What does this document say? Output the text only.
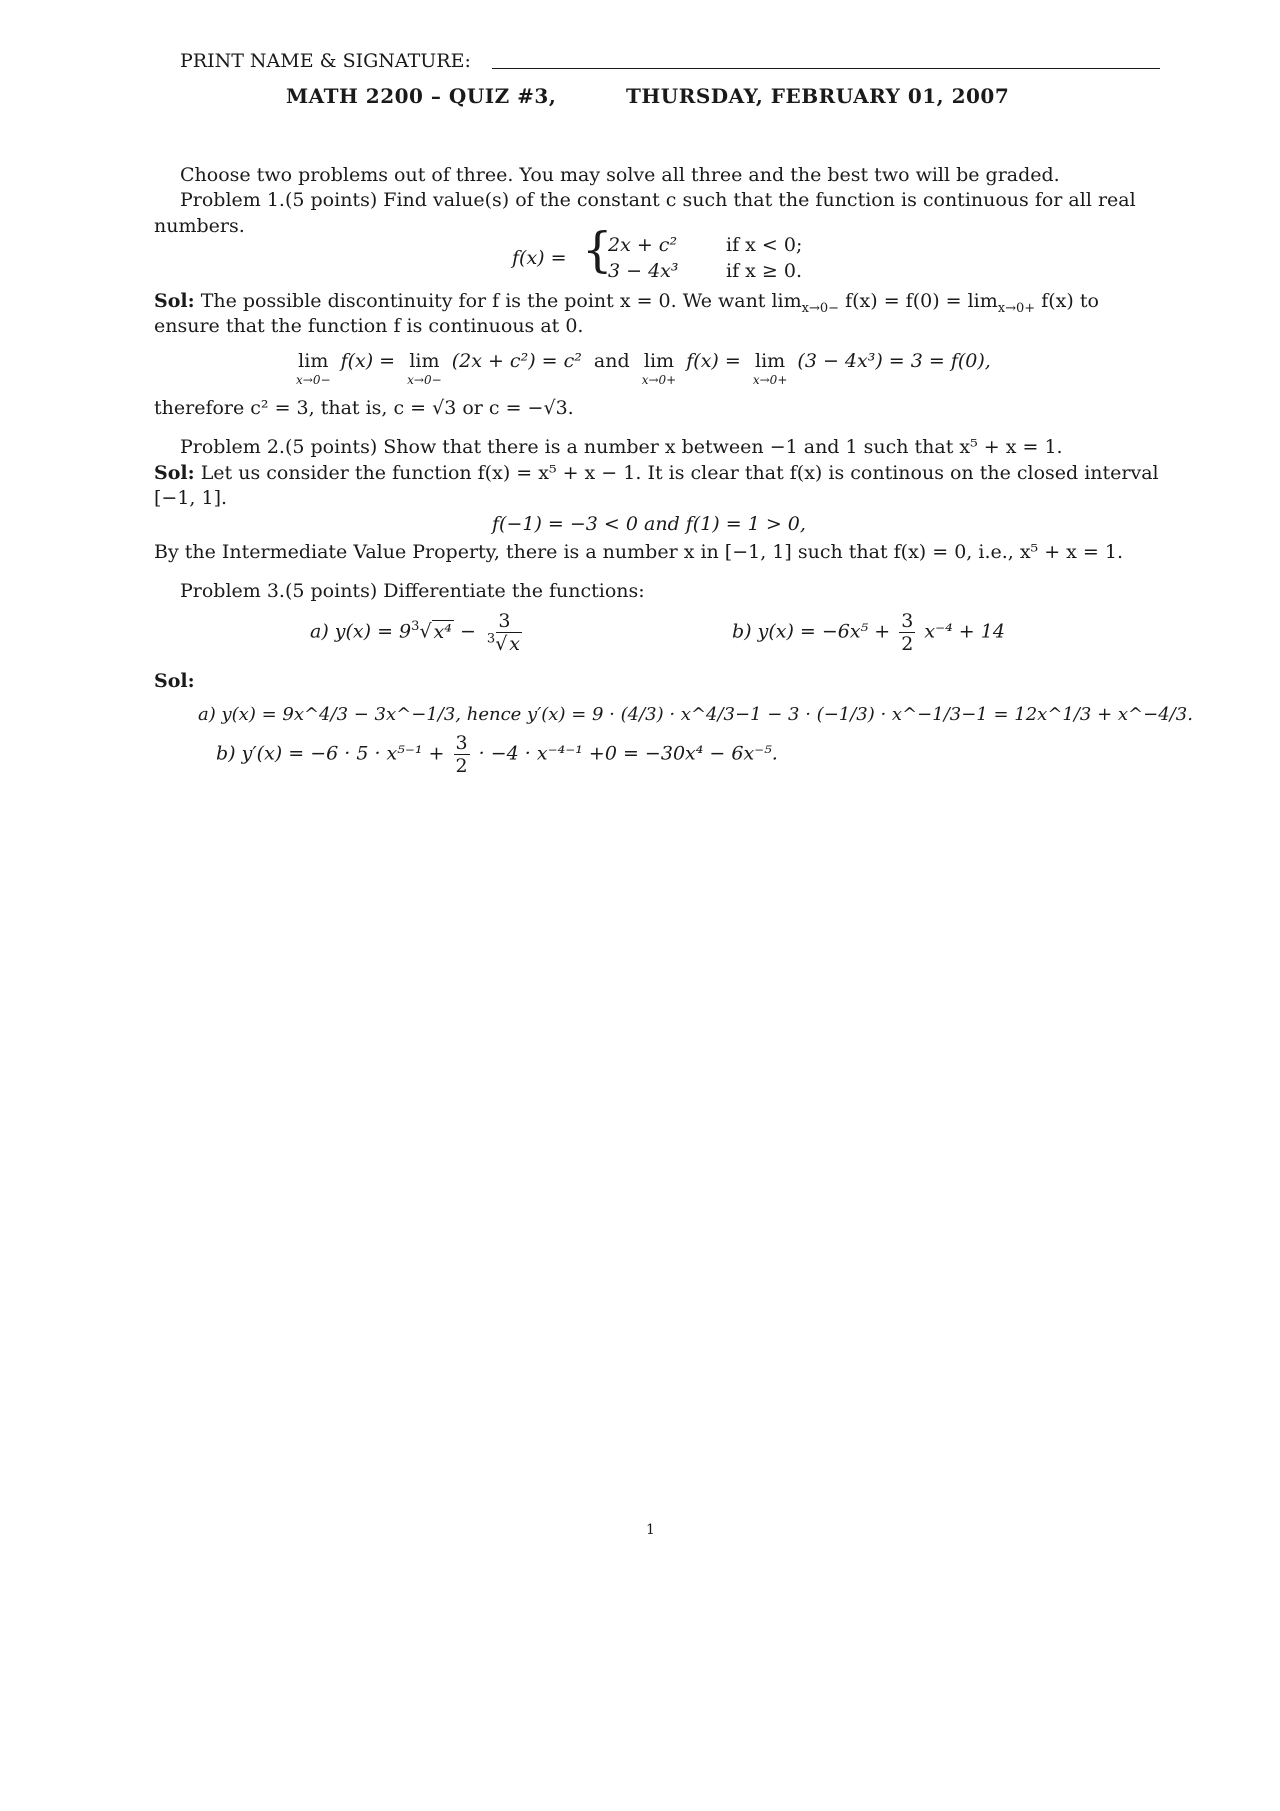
PRINT NAME & SIGNATURE:
MATH 2200 – QUIZ #3,	THURSDAY, FEBRUARY 01, 2007
Choose two problems out of three. You may solve all three and the best two will be graded.
Problem 1.(5 points) Find value(s) of the constant c such that the function is continuous for all real
numbers.
f(x) = {
2x + c²	if x < 0;
3 − 4x³	if x ≥ 0.
Sol: The possible discontinuity for f is the point x = 0. We want $\lim_{x\to 0-} f(x) = f(0) = \lim_{x\to 0+} f(x)$ to
ensure that the function f is continuous at 0.
lim
x→0−
f(x) = lim
x→0−
(2x + c²) = c² and lim
x→0+
f(x) = lim
x→0+
(3 − 4x³) = 3 = f(0),
therefore c² = 3, that is, c = √3 or c = −√3.
Problem 2.(5 points) Show that there is a number x between −1 and 1 such that x⁵ + x = 1.
Sol: Let us consider the function f(x) = x⁵ + x − 1. It is clear that f(x) is continous on the closed interval
[−1, 1].
f(−1) = −3 < 0 and f(1) = 1 > 0,
By the Intermediate Value Property, there is a number x in [−1, 1] such that f(x) = 0, i.e., x⁵ + x = 1.
Problem 3.(5 points) Differentiate the functions:
a) $y(x) = 9^3√$ $x^4 - \frac{3}{^3√ x}$	b) $y(x) = -6x^5 + \frac{3}{2} x^{-4} + 14$
Sol:
a) y(x) = 9x^4/3 − 3x^−1/3, hence y′(x) = 9 · (4/3) · x^4/3−1 − 3 · (−1/3) · x^−1/3−1 = 12x^1/3 + x^−4/3.
b) $y'(x) = -6 \cdot 5 \cdot x^{5-1} + \frac{3}{2} \cdot -4 \cdot x^{-4-1} +0 = -30x^4 - 6x^{-5}$.
1
